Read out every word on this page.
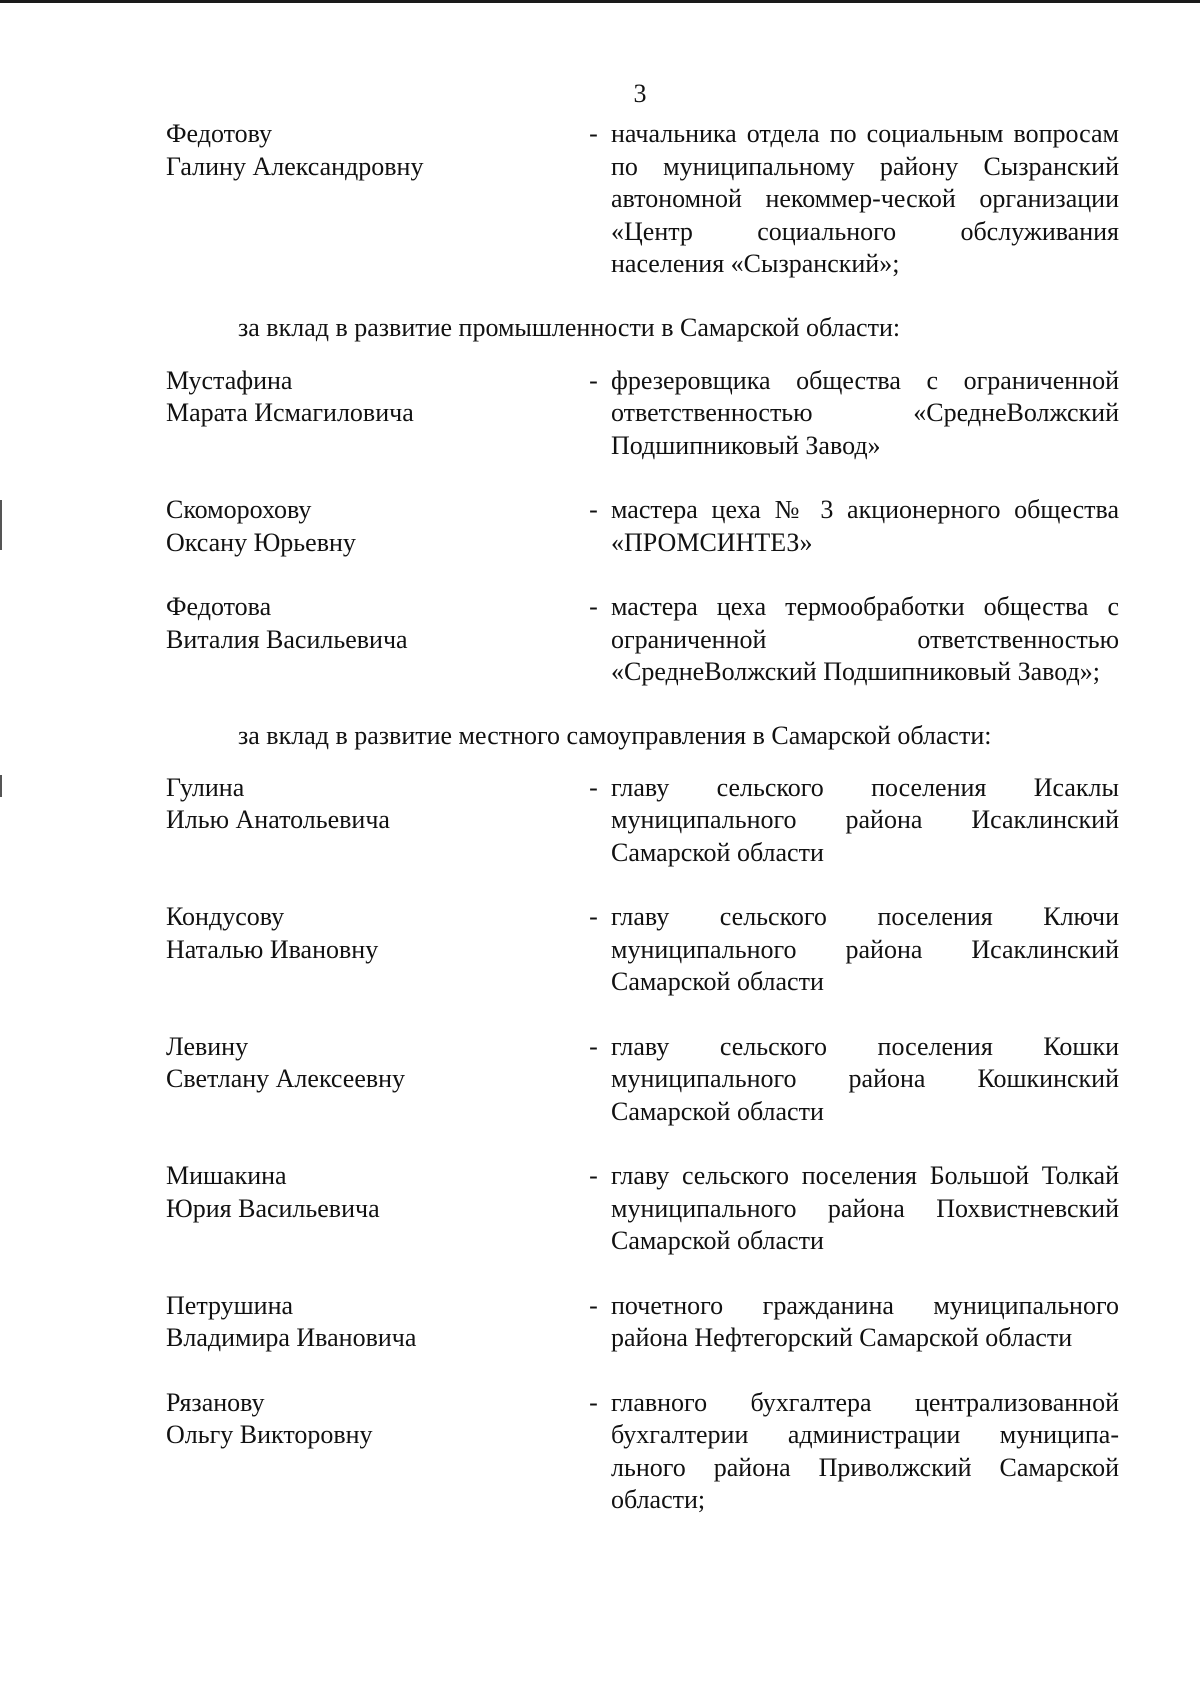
3
Федотову
Галину Александровну
- начальника отдела по социальным вопросам по муниципальному району Сызранский автономной некоммер-ческой организации «Центр социального обслуживания населения «Сызранский»;
за вклад в развитие промышленности в Самарской области:
Мустафина
Марата Исмагиловича
- фрезеровщика общества с ограниченной ответственностью «СреднеВолжский Подшипниковый Завод»
Скоморохову
Оксану Юрьевну
- мастера цеха № 3 акционерного общества «ПРОМСИНТЕЗ»
Федотова
Виталия Васильевича
- мастера цеха термообработки общества с ограниченной ответственностью «СреднеВолжский Подшипниковый Завод»;
за вклад в развитие местного самоуправления в Самарской области:
Гулина
Илью Анатольевича
- главу сельского поселения Исаклы муниципального района Исаклинский Самарской области
Кондусову
Наталью Ивановну
- главу сельского поселения Ключи муниципального района Исаклинский Самарской области
Левину
Светлану Алексеевну
- главу сельского поселения Кошки муниципального района Кошкинский Самарской области
Мишакина
Юрия Васильевича
- главу сельского поселения Большой Толкай муниципального района Похвистневский Самарской области
Петрушина
Владимира Ивановича
- почетного гражданина муниципального района Нефтегорский Самарской области
Рязанову
Ольгу Викторовну
- главного бухгалтера централизованной бухгалтерии администрации муниципа-льного района Приволжский Самарской области;
